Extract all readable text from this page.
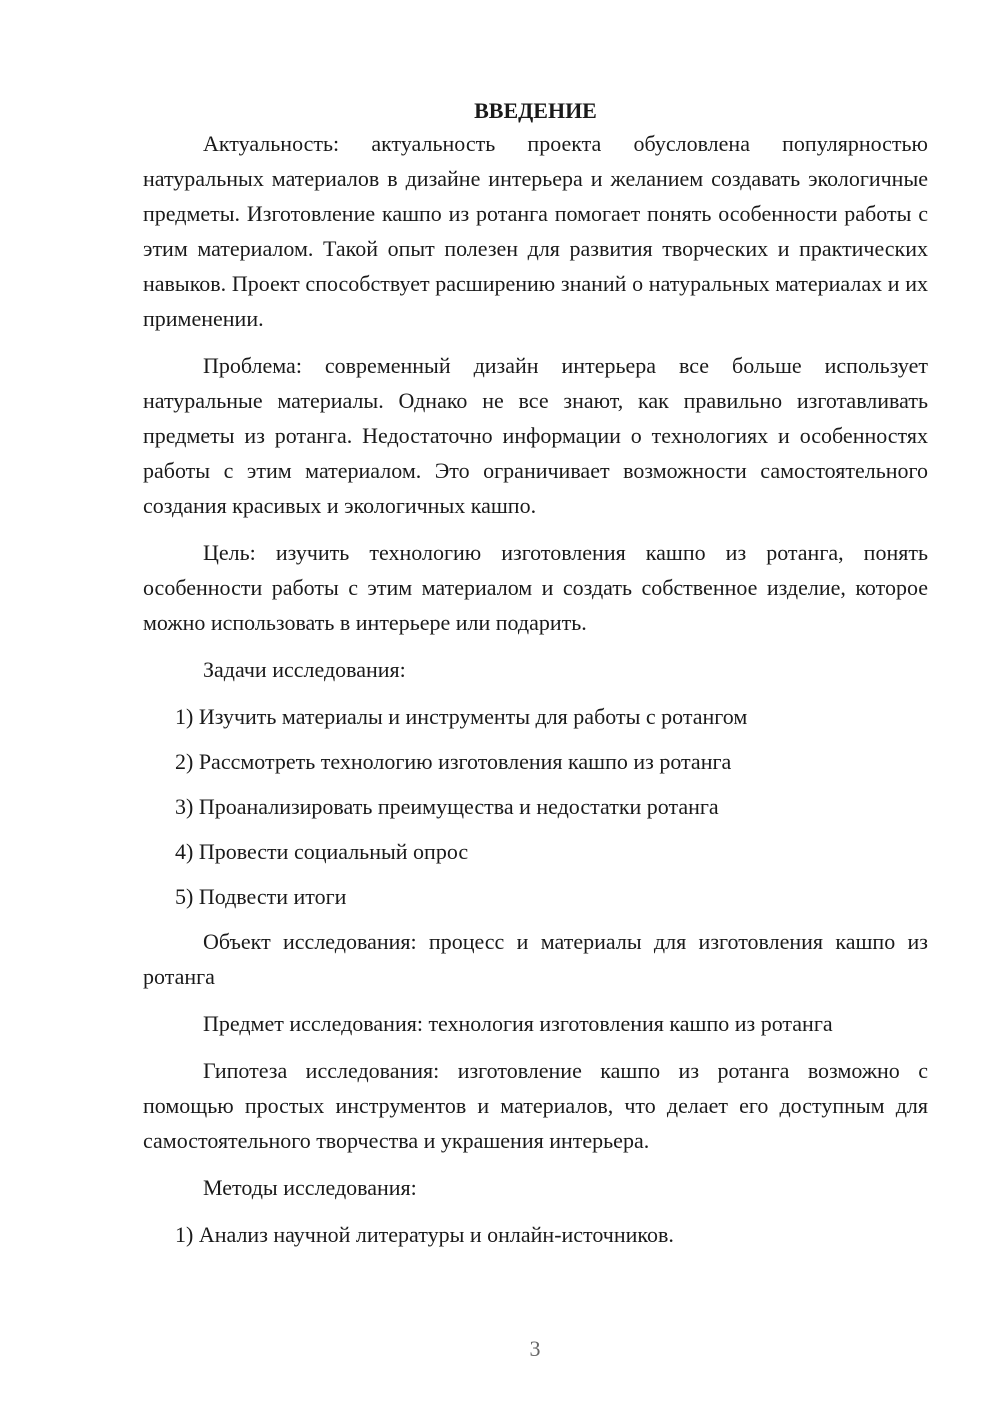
ВВЕДЕНИЕ

Актуальность: актуальность проекта обусловлена популярностью натуральных материалов в дизайне интерьера и желанием создавать экологичные предметы. Изготовление кашпо из ротанга помогает понять особенности работы с этим материалом. Такой опыт полезен для развития творческих и практических навыков. Проект способствует расширению знаний о натуральных материалах и их применении.

Проблема: современный дизайн интерьера все больше использует натуральные материалы. Однако не все знают, как правильно изготавливать предметы из ротанга. Недостаточно информации о технологиях и особенностях работы с этим материалом. Это ограничивает возможности самостоятельного создания красивых и экологичных кашпо.

Цель: изучить технологию изготовления кашпо из ротанга, понять особенности работы с этим материалом и создать собственное изделие, которое можно использовать в интерьере или подарить.

Задачи исследования:

1) Изучить материалы и инструменты для работы с ротангом

2) Рассмотреть технологию изготовления кашпо из ротанга

3) Проанализировать преимущества и недостатки ротанга

4) Провести социальный опрос

5) Подвести итоги

Объект исследования: процесс и материалы для изготовления кашпо из ротанга

Предмет исследования: технология изготовления кашпо из ротанга

Гипотеза исследования: изготовление кашпо из ротанга возможно с помощью простых инструментов и материалов, что делает его доступным для самостоятельного творчества и украшения интерьера.

Методы исследования:

1) Анализ научной литературы и онлайн-источников.

3
